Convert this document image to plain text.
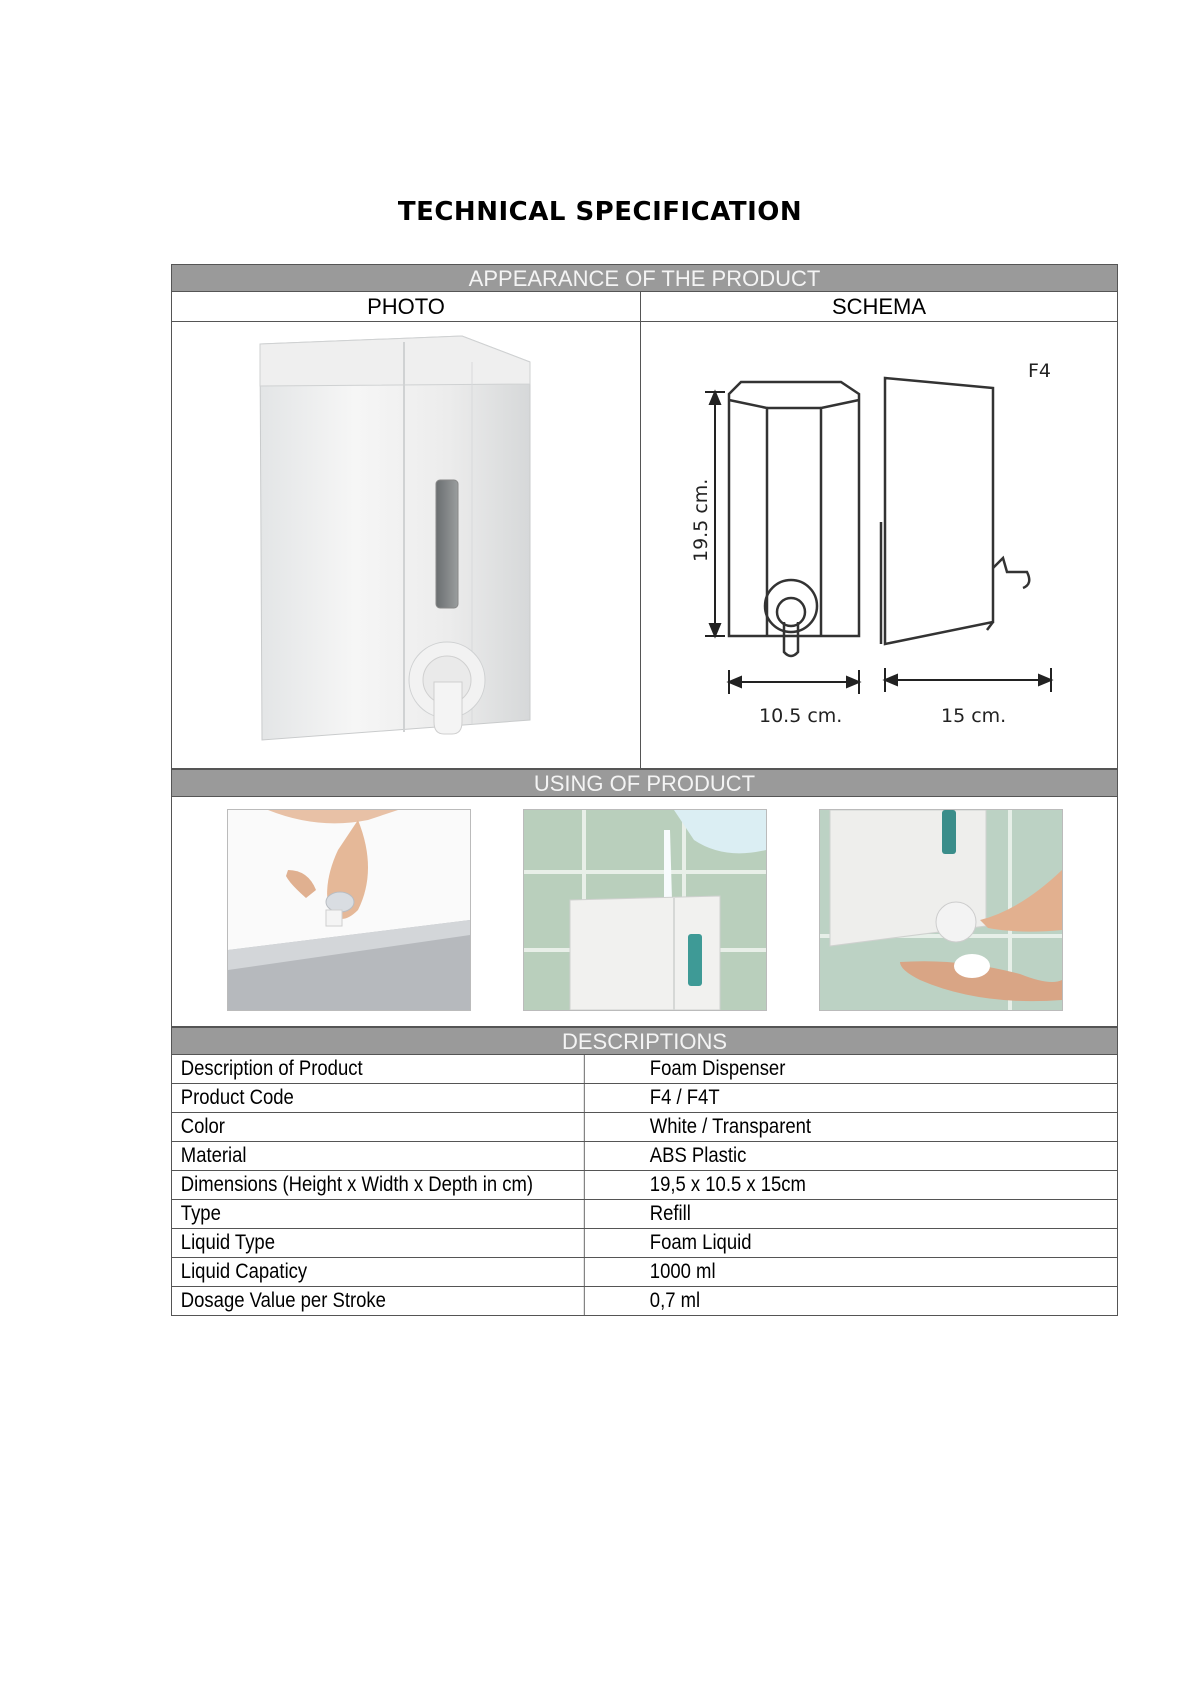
TECHNICAL SPECIFICATION
APPEARANCE OF THE PRODUCT
PHOTO	SCHEMA
F4
19.5 cm.
10.5 cm.	15 cm.
USING OF PRODUCT
DESCRIPTIONS
Description of Product	Foam Dispenser
Product Code	F4 / F4T
Color	White / Transparent
Material	ABS Plastic
Dimensions (Height x Width x Depth in cm)	19,5 x 10.5 x 15cm
Type	Refill
Liquid Type	Foam Liquid
Liquid Capaticy	1000 ml
Dosage Value per Stroke	0,7 ml
